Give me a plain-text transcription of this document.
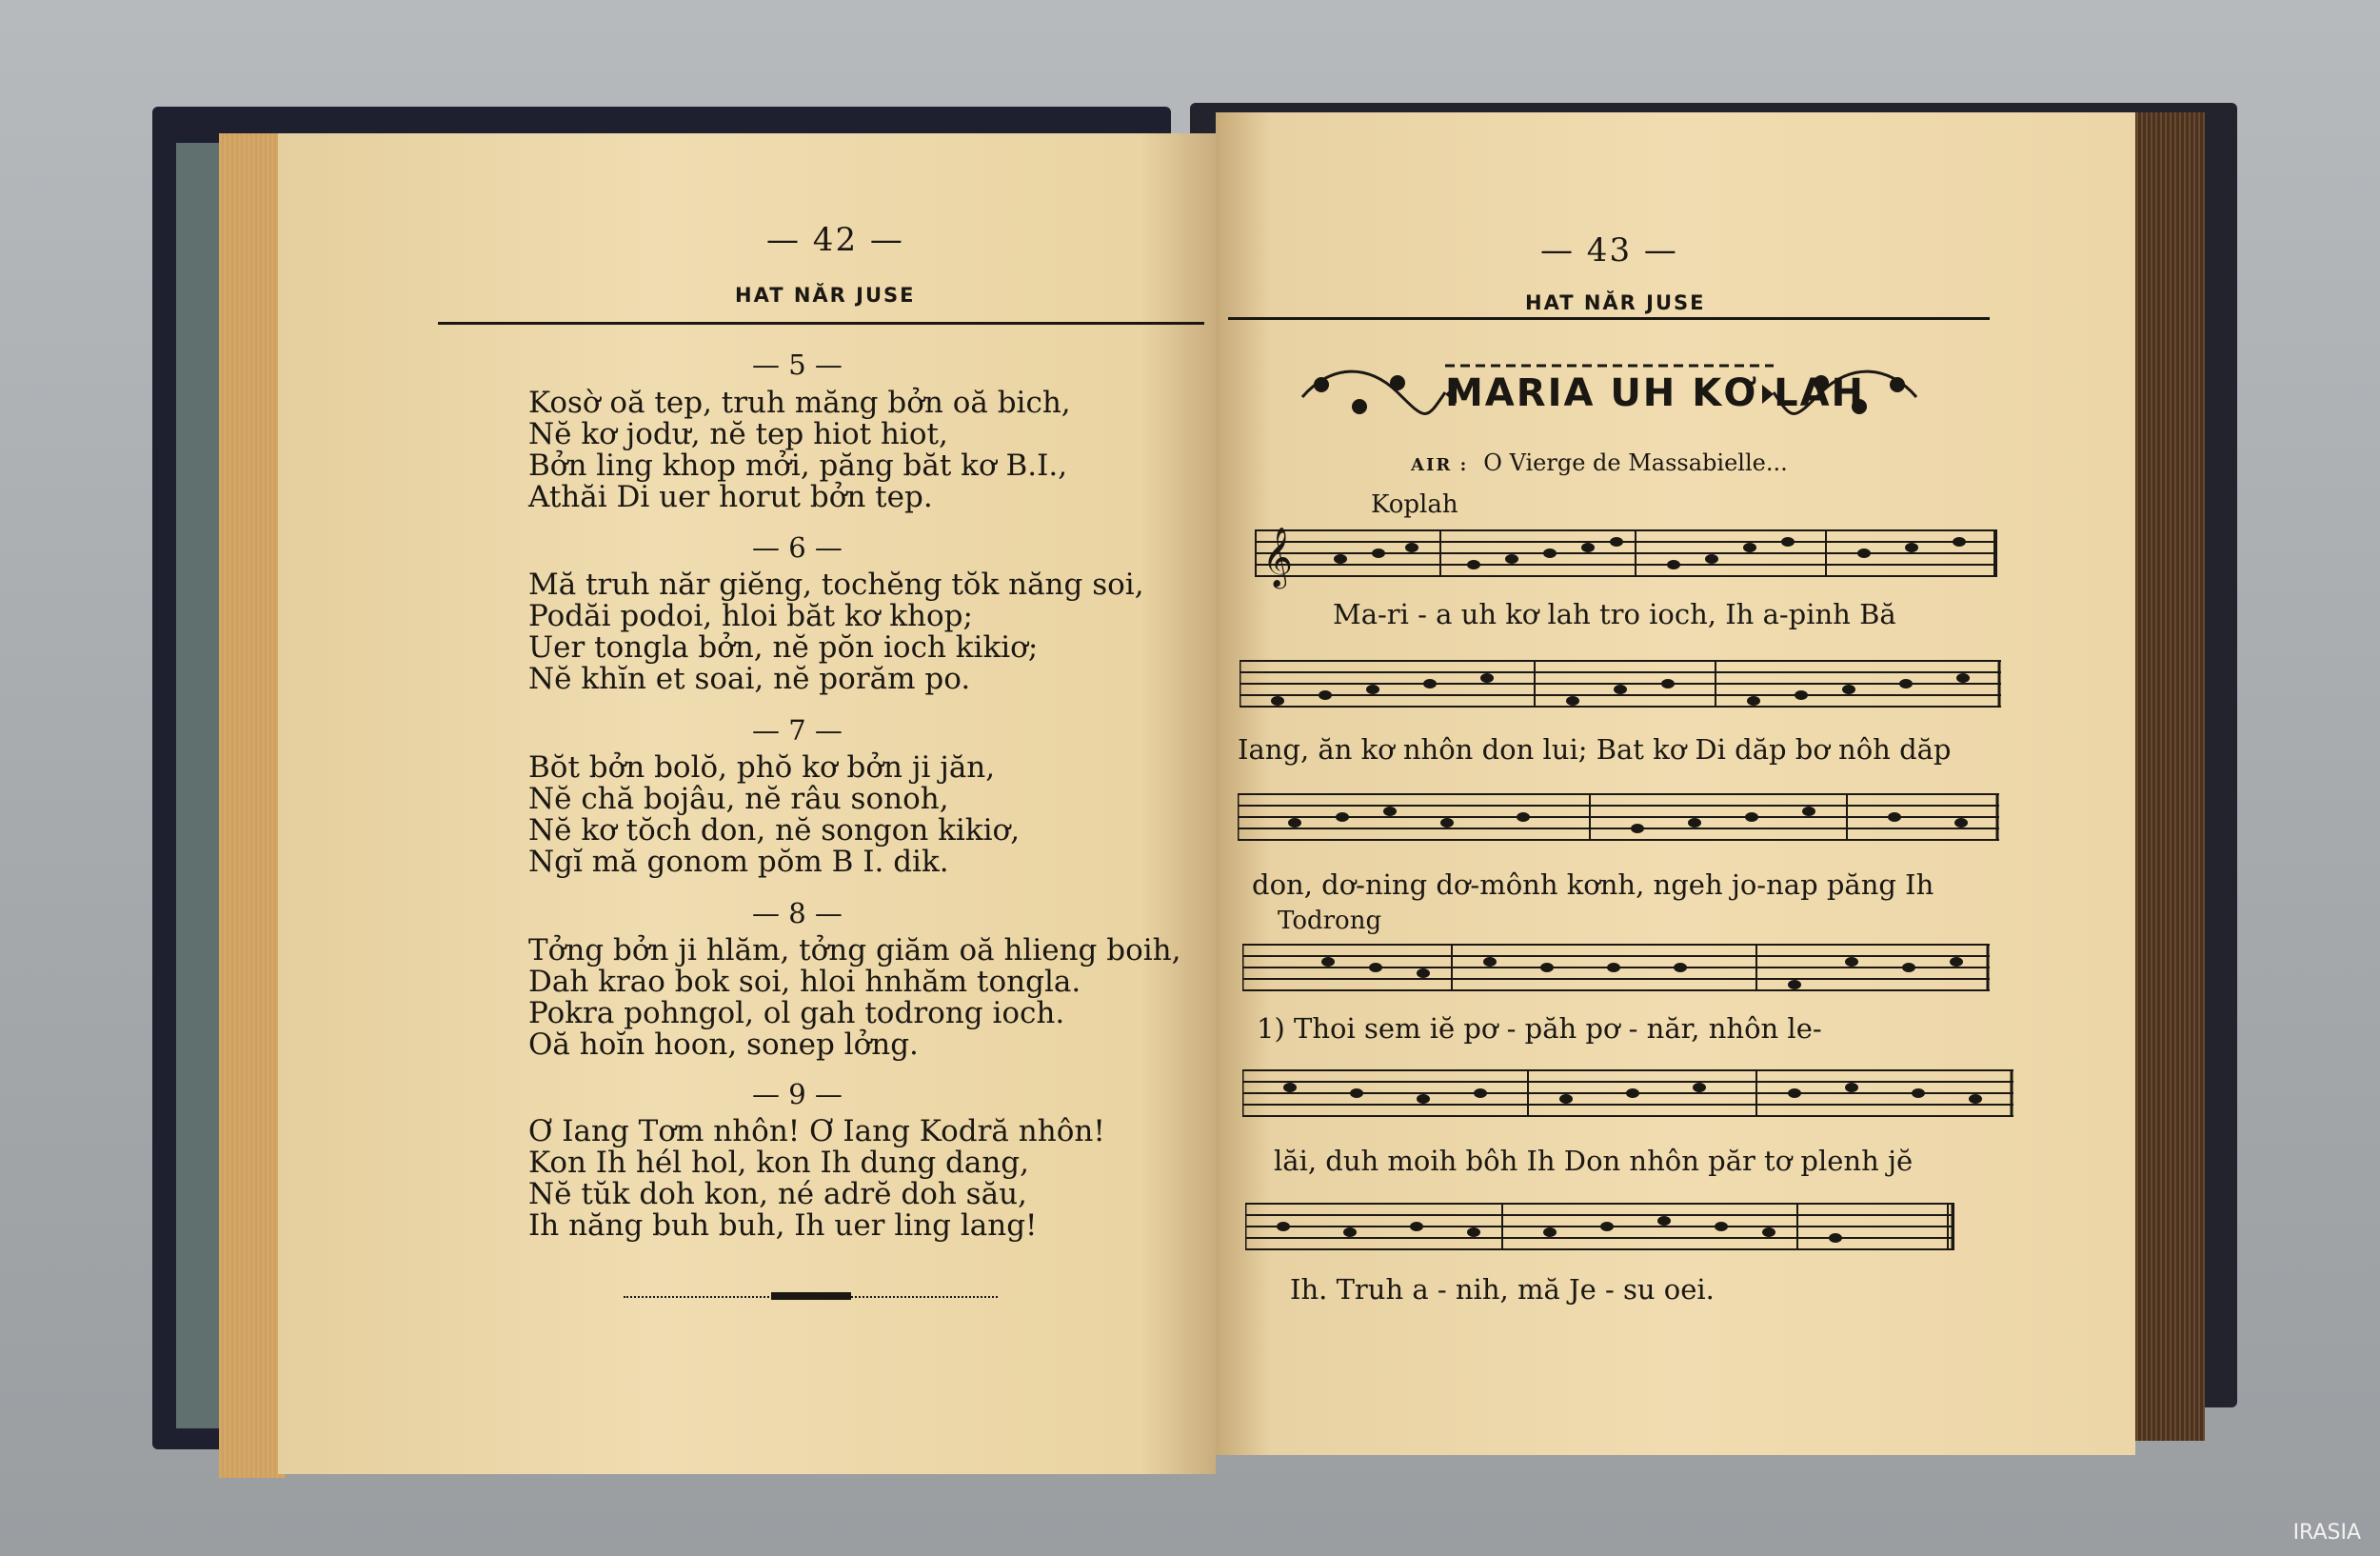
— 42 —
HAT NĂR JUSE
— 5 —
Kosờ oă tep, truh măng bởn oă bich,
Nĕ kơ jodư, nĕ tep hiot hiot,
Bởn ling khop mởi, păng băt kơ B.I.,
Athăi Di uer horut bởn tep.
— 6 —
Mă truh năr giĕng, tochĕng tŏk năng soi,
Podăi podoi, hloi băt kơ khop;
Uer tongla bởn, nĕ pŏn ioch kikiơ;
Nĕ khĭn et soai, nĕ porăm po.
— 7 —
Bŏt bởn bolŏ, phŏ kơ bởn ji jăn,
Nĕ chă bojâu, nĕ râu sonoh,
Nĕ kơ tŏch don, nĕ songon kikiơ,
Ngĭ mă gonom pŏm B I. dik.
— 8 —
Tởng bởn ji hlăm, tởng giăm oă hlieng boih,
Dah krao bok soi, hloi hnhăm tongla.
Pokra pohngol, ol gah todrong ioch.
Oă hoĭn hoon, sonep lởng.
— 9 —
Ơ Iang Tơm nhôn! Ơ Iang Kodră nhôn!
Kon Ih hél hol, kon Ih dung dang,
Nĕ tŭk doh kon, né adrĕ doh său,
Ih năng buh buh, Ih uer ling lang!
— 43 —
HAT NĂR JUSE
MARIA UH KƠ LAH
AIR : O Vierge de Massabielle...
Koplah
𝄞
Ma-ri - a uh kơ lah tro ioch, Ih a-pinh Bă
Iang, ăn kơ nhôn don lui; Bat kơ Di dăp bơ nôh dăp
don, dơ-ning dơ-mônh kơnh, ngeh jo-nap păng Ih
Todrong
1) Thoi sem iĕ pơ - păh pơ - năr, nhôn le-
lăi, duh moih bôh Ih Don nhôn păr tơ plenh jĕ
Ih. Truh a - nih, mă Je - su oei.
IRASIA
